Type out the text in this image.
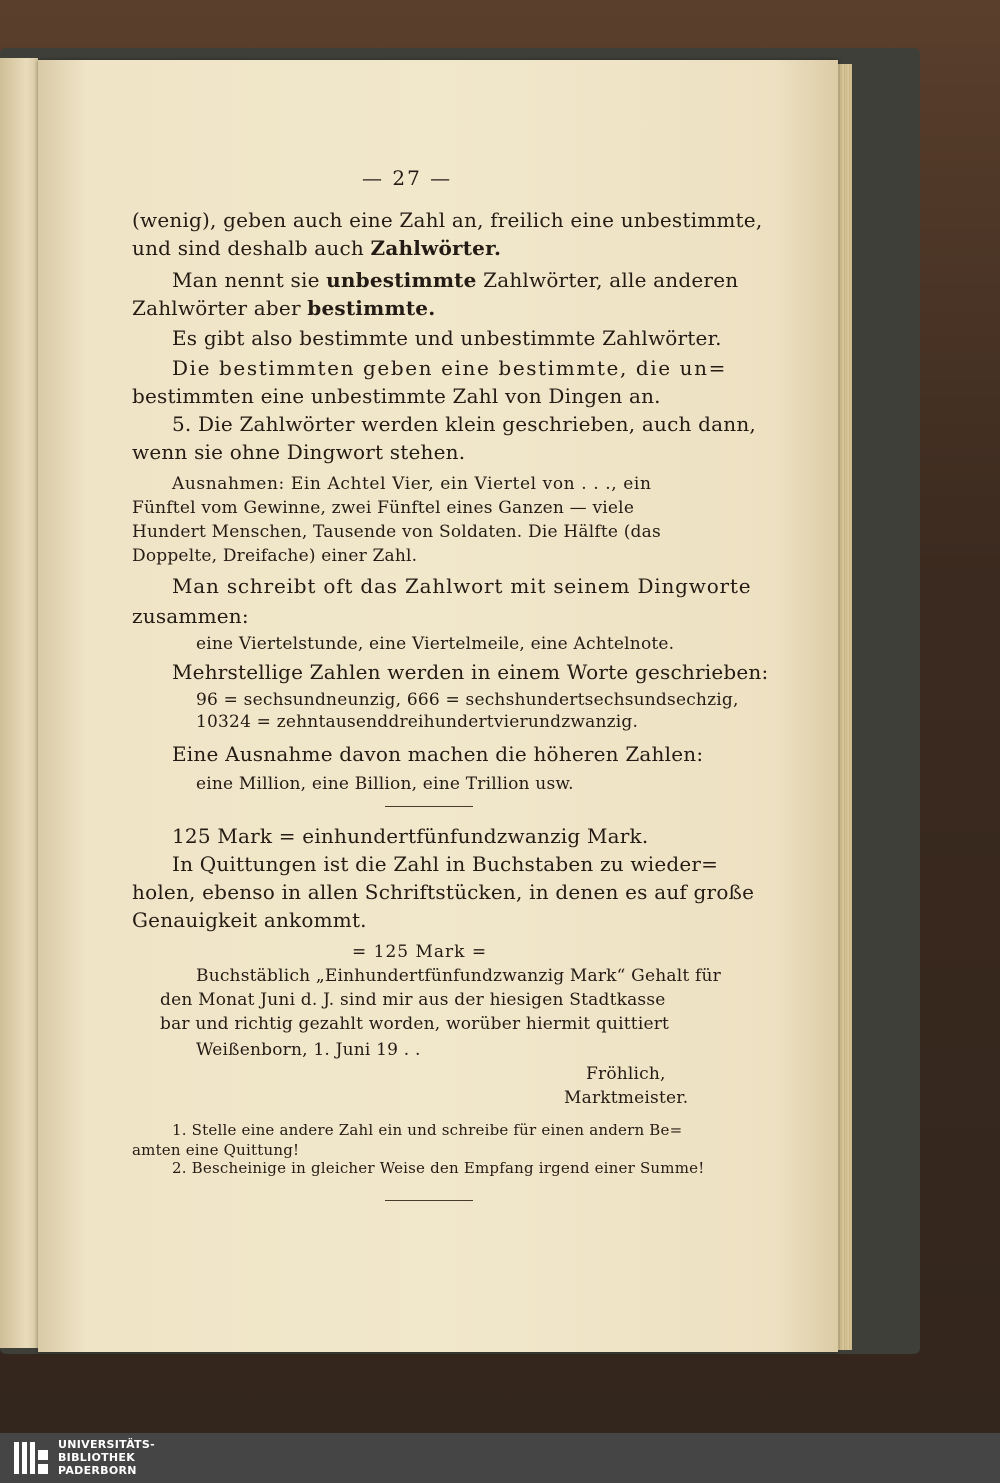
— 27 —
(wenig), geben auch eine Zahl an, freilich eine unbestimmte,
und sind deshalb auch Zahlwörter.
Man nennt sie unbestimmte Zahlwörter, alle anderen
Zahlwörter aber bestimmte.
Es gibt also bestimmte und unbestimmte Zahlwörter.
Die bestimmten geben eine bestimmte, die un=
bestimmten eine unbestimmte Zahl von Dingen an.
5. Die Zahlwörter werden klein geschrieben, auch dann,
wenn sie ohne Dingwort stehen.
Ausnahmen: Ein Achtel Vier, ein Viertel von . . ., ein
Fünftel vom Gewinne, zwei Fünftel eines Ganzen — viele
Hundert Menschen, Tausende von Soldaten. Die Hälfte (das
Doppelte, Dreifache) einer Zahl.
Man schreibt oft das Zahlwort mit seinem Dingworte
zusammen:
eine Viertelstunde, eine Viertelmeile, eine Achtelnote.
Mehrstellige Zahlen werden in einem Worte geschrieben:
96 = sechsundneunzig, 666 = sechshundertsechsundsechzig,
10324 = zehntausenddreihundertvierundzwanzig.
Eine Ausnahme davon machen die höheren Zahlen:
eine Million, eine Billion, eine Trillion usw.
125 Mark = einhundertfünfundzwanzig Mark.
In Quittungen ist die Zahl in Buchstaben zu wieder=
holen, ebenso in allen Schriftstücken, in denen es auf große
Genauigkeit ankommt.
= 125 Mark =
Buchstäblich „Einhundertfünfundzwanzig Mark“ Gehalt für
den Monat Juni d. J. sind mir aus der hiesigen Stadtkasse
bar und richtig gezahlt worden, worüber hiermit quittiert
Weißenborn, 1. Juni 19 . .
Fröhlich,
Marktmeister.
1. Stelle eine andere Zahl ein und schreibe für einen andern Be=
amten eine Quittung!
2. Bescheinige in gleicher Weise den Empfang irgend einer Summe!
UNIVERSITÄTS-
BIBLIOTHEK
PADERBORN
